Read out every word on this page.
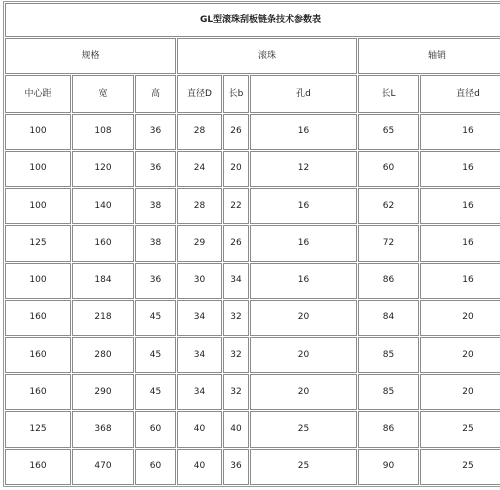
GL型滚珠刮板链条技术参数表							
规格			滚珠			轴销	
中心距	宽	高	直径D	长b	孔d	长L	直径d
100	108	36	28	26	16	65	16
100	120	36	24	20	12	60	16
100	140	38	28	22	16	62	16
125	160	38	29	26	16	72	16
100	184	36	30	34	16	86	16
160	218	45	34	32	20	84	20
160	280	45	34	32	20	85	20
160	290	45	34	32	20	85	20
125	368	60	40	40	25	86	25
160	470	60	40	36	25	90	25
